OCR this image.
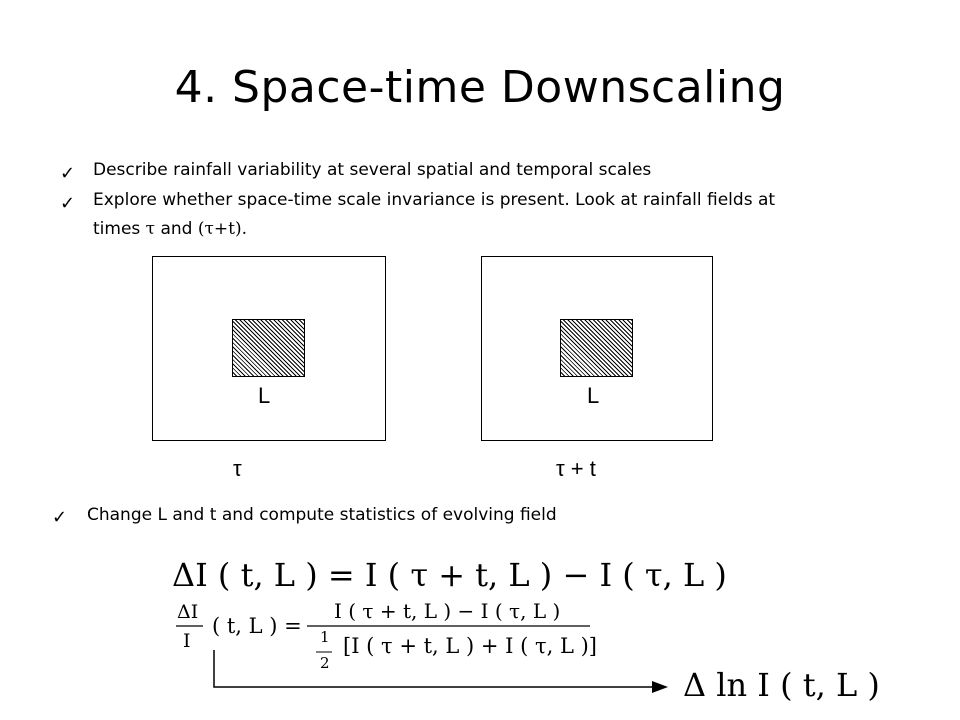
4. Space-time Downscaling
✓ Describe rainfall variability at several spatial and temporal scales
✓ Explore whether space-time scale invariance is present. Look at rainfall fields at
times τ and (τ+t).
L	L
τ	τ + t
✓ Change L and t and compute statistics of evolving field
ΔI ( t, L ) = I ( τ + t, L ) − I ( τ, L )
ΔI
I
( t, L ) =
I ( τ + t, L ) − I ( τ, L )
1
2
[I ( τ + t, L ) + I ( τ, L )]
Δ ln I ( t, L )
